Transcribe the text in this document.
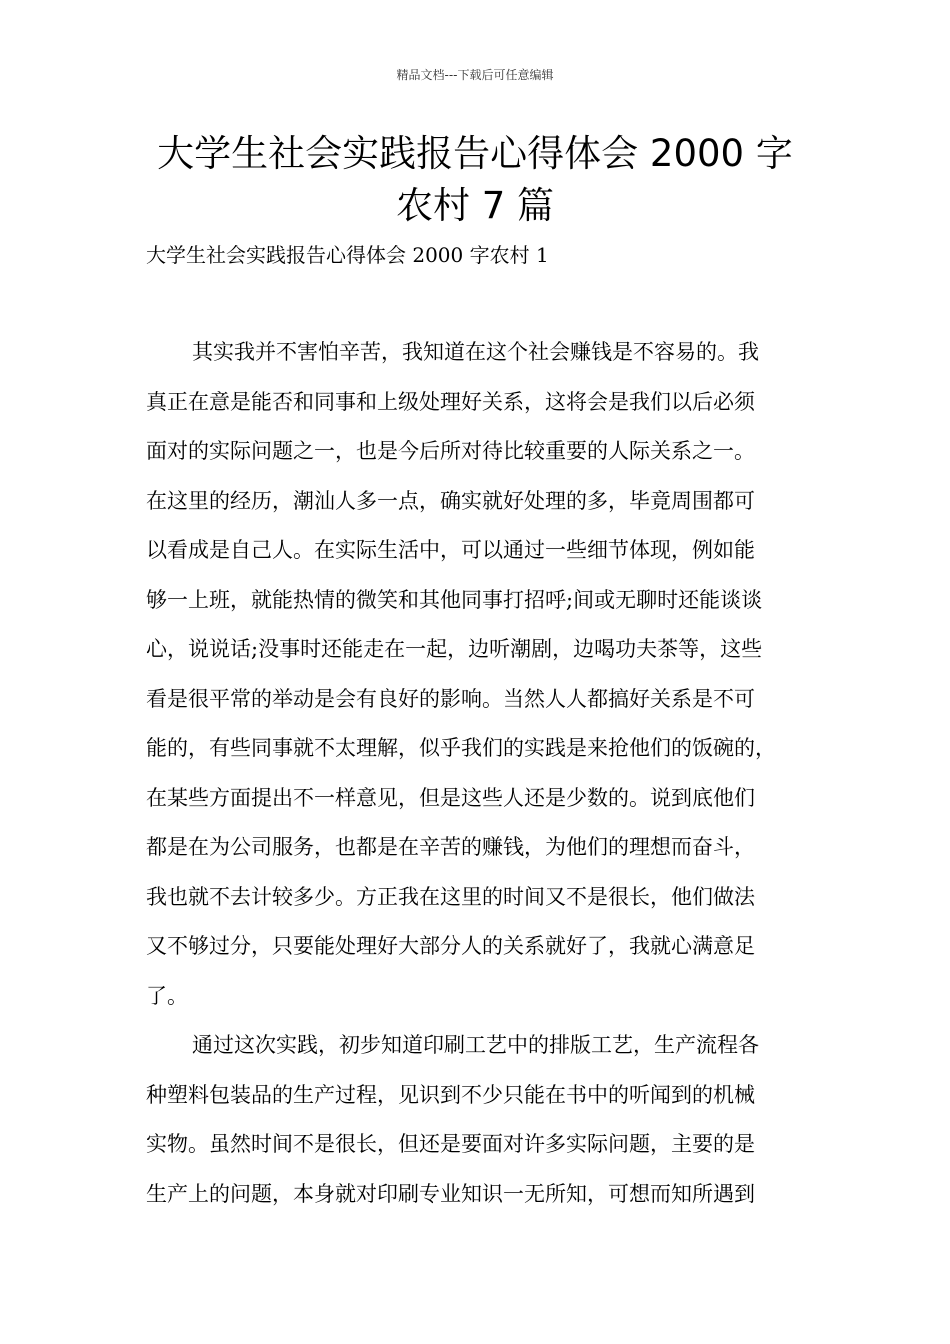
精品文档---下载后可任意编辑
大学生社会实践报告心得体会 2000 字
农村 7 篇
大学生社会实践报告心得体会 2000 字农村 1
其实我并不害怕辛苦，我知道在这个社会赚钱是不容易的。我
真正在意是能否和同事和上级处理好关系，这将会是我们以后必须
面对的实际问题之一，也是今后所对待比较重要的人际关系之一。
在这里的经历，潮汕人多一点，确实就好处理的多，毕竟周围都可
以看成是自己人。在实际生活中，可以通过一些细节体现，例如能
够一上班，就能热情的微笑和其他同事打招呼;间或无聊时还能谈谈
心，说说话;没事时还能走在一起，边听潮剧，边喝功夫茶等，这些
看是很平常的举动是会有良好的影响。当然人人都搞好关系是不可
能的，有些同事就不太理解，似乎我们的实践是来抢他们的饭碗的，
在某些方面提出不一样意见，但是这些人还是少数的。说到底他们
都是在为公司服务，也都是在辛苦的赚钱，为他们的理想而奋斗，
我也就不去计较多少。方正我在这里的时间又不是很长，他们做法
又不够过分，只要能处理好大部分人的关系就好了，我就心满意足
了。
通过这次实践，初步知道印刷工艺中的排版工艺，生产流程各
种塑料包装品的生产过程，见识到不少只能在书中的听闻到的机械
实物。虽然时间不是很长，但还是要面对许多实际问题，主要的是
生产上的问题，本身就对印刷专业知识一无所知，可想而知所遇到
